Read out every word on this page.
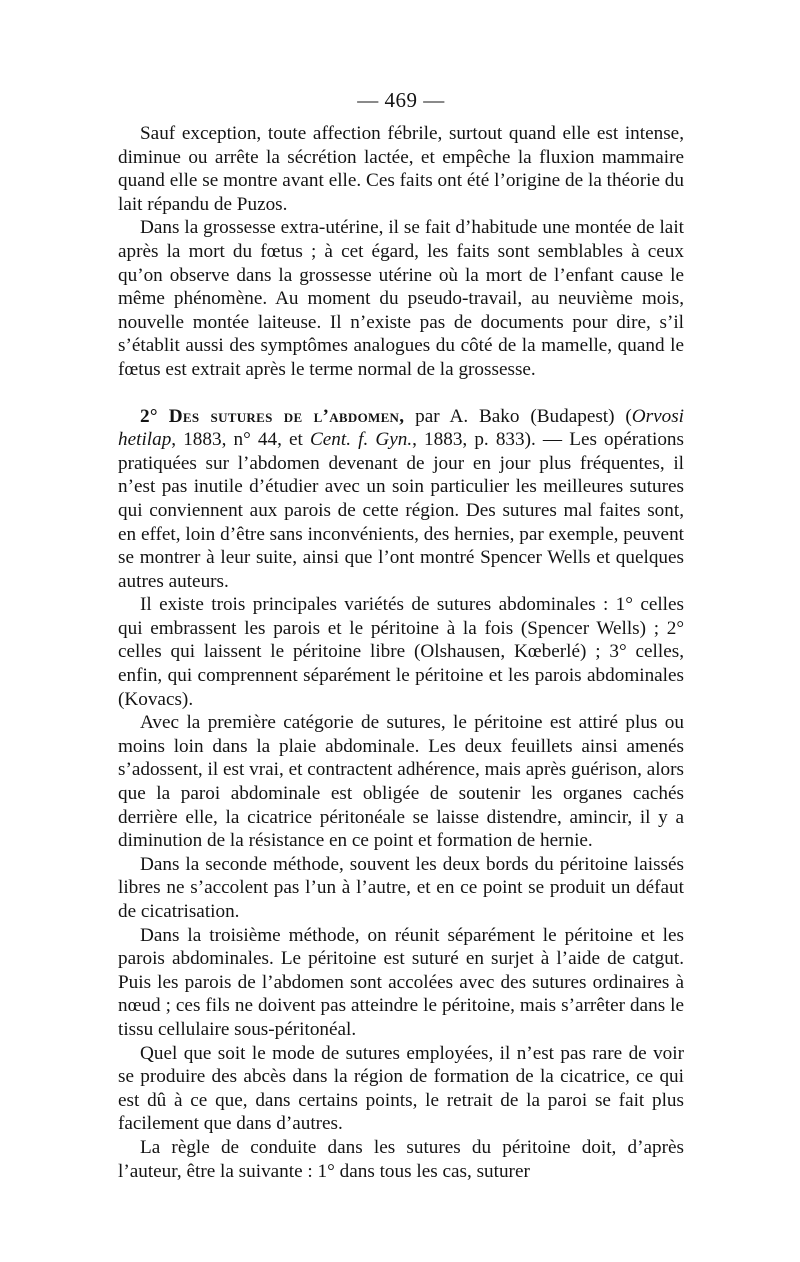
— 469 —

Sauf exception, toute affection fébrile, surtout quand elle est intense, diminue ou arrête la sécrétion lactée, et empêche la fluxion mammaire quand elle se montre avant elle. Ces faits ont été l’origine de la théorie du lait répandu de Puzos.

Dans la grossesse extra-utérine, il se fait d’habitude une montée de lait après la mort du fœtus ; à cet égard, les faits sont semblables à ceux qu’on observe dans la grossesse utérine où la mort de l’enfant cause le même phénomène. Au moment du pseudo-travail, au neuvième mois, nouvelle montée laiteuse. Il n’existe pas de documents pour dire, s’il s’établit aussi des symptômes analogues du côté de la mamelle, quand le fœtus est extrait après le terme normal de la grossesse.

2° Des sutures de l’abdomen, par A. Bako (Budapest) (Orvosi hetilap, 1883, n° 44, et Cent. f. Gyn., 1883, p. 833). — Les opérations pratiquées sur l’abdomen devenant de jour en jour plus fréquentes, il n’est pas inutile d’étudier avec un soin particulier les meilleures sutures qui conviennent aux parois de cette région. Des sutures mal faites sont, en effet, loin d’être sans inconvénients, des hernies, par exemple, peuvent se montrer à leur suite, ainsi que l’ont montré Spencer Wells et quelques autres auteurs.

Il existe trois principales variétés de sutures abdominales : 1° celles qui embrassent les parois et le péritoine à la fois (Spencer Wells) ; 2° celles qui laissent le péritoine libre (Olshausen, Kœberlé) ; 3° celles, enfin, qui comprennent séparément le péritoine et les parois abdominales (Kovacs).

Avec la première catégorie de sutures, le péritoine est attiré plus ou moins loin dans la plaie abdominale. Les deux feuillets ainsi amenés s’adossent, il est vrai, et contractent adhérence, mais après guérison, alors que la paroi abdominale est obligée de soutenir les organes cachés derrière elle, la cicatrice péritonéale se laisse distendre, amincir, il y a diminution de la résistance en ce point et formation de hernie.

Dans la seconde méthode, souvent les deux bords du péritoine laissés libres ne s’accolent pas l’un à l’autre, et en ce point se produit un défaut de cicatrisation.

Dans la troisième méthode, on réunit séparément le péritoine et les parois abdominales. Le péritoine est suturé en surjet à l’aide de catgut. Puis les parois de l’abdomen sont accolées avec des sutures ordinaires à nœud ; ces fils ne doivent pas atteindre le péritoine, mais s’arrêter dans le tissu cellulaire sous-péritonéal.

Quel que soit le mode de sutures employées, il n’est pas rare de voir se produire des abcès dans la région de formation de la cicatrice, ce qui est dû à ce que, dans certains points, le retrait de la paroi se fait plus facilement que dans d’autres.

La règle de conduite dans les sutures du péritoine doit, d’après l’auteur, être la suivante : 1° dans tous les cas, suturer
